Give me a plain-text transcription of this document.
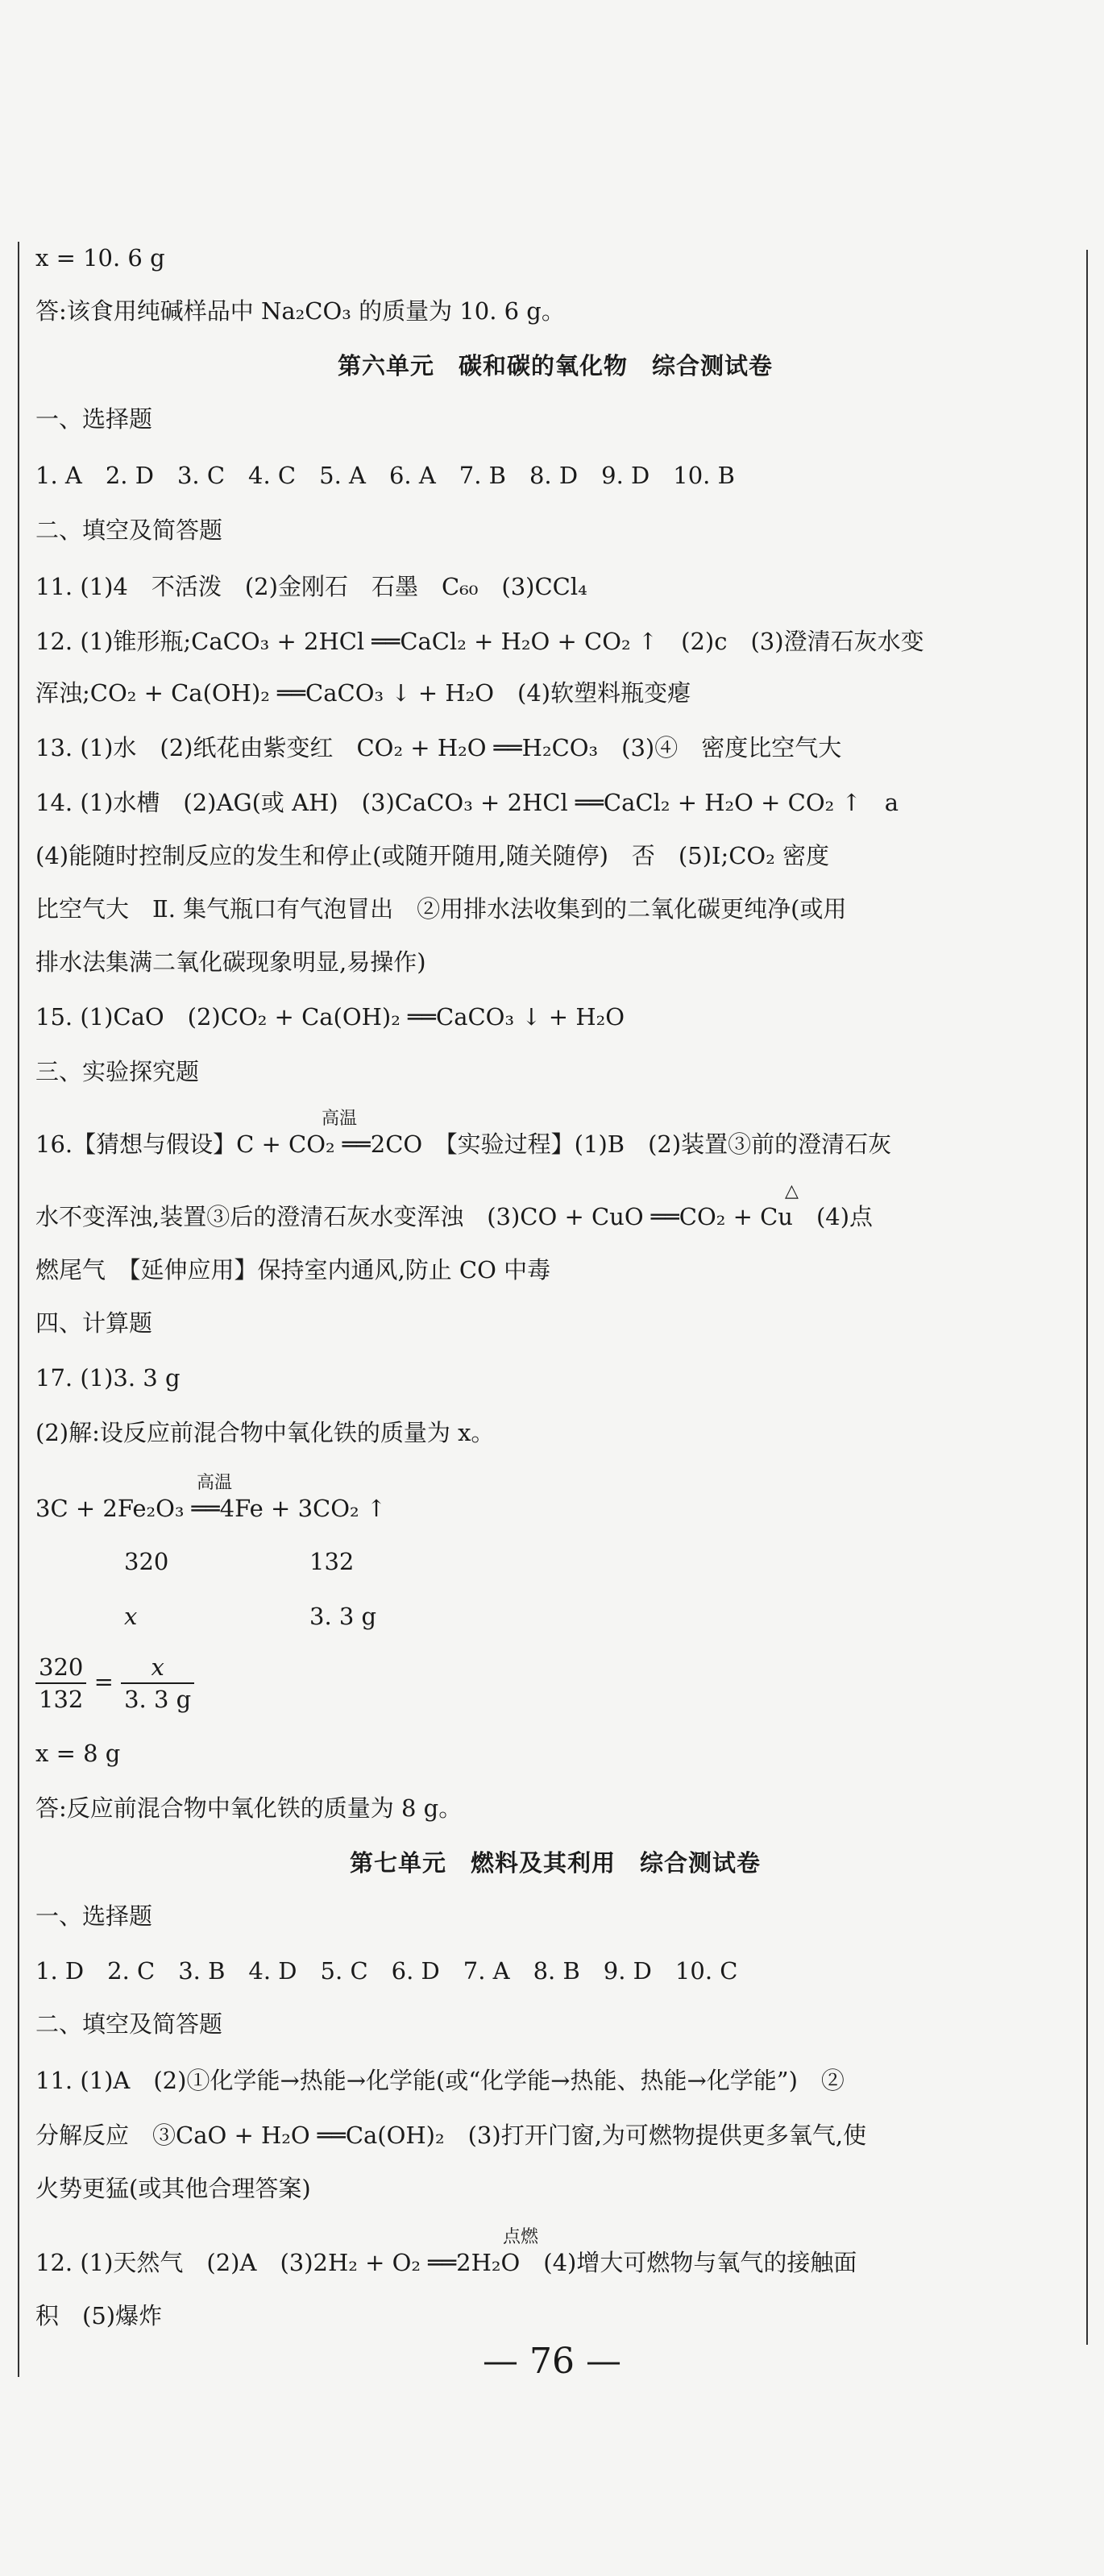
x = 10. 6 g
答:该食用纯碱样品中 Na₂CO₃ 的质量为 10. 6 g。
第六单元　碳和碳的氧化物　综合测试卷
一、选择题
1. A　2. D　3. C　4. C　5. A　6. A　7. B　8. D　9. D　10. B
二、填空及简答题
11. (1)4　不活泼　(2)金刚石　石墨　C₆₀　(3)CCl₄
12. (1)锥形瓶;CaCO₃ + 2HCl ══CaCl₂ + H₂O + CO₂ ↑　(2)c　(3)澄清石灰水变
浑浊;CO₂ + Ca(OH)₂ ══CaCO₃ ↓ + H₂O　(4)软塑料瓶变瘪
13. (1)水　(2)纸花由紫变红　CO₂ + H₂O ══H₂CO₃　(3)④　密度比空气大
14. (1)水槽　(2)AG(或 AH)　(3)CaCO₃ + 2HCl ══CaCl₂ + H₂O + CO₂ ↑　a
(4)能随时控制反应的发生和停止(或随开随用,随关随停)　否　(5)Ⅰ;CO₂ 密度
比空气大　Ⅱ. 集气瓶口有气泡冒出　②用排水法收集到的二氧化碳更纯净(或用
排水法集满二氧化碳现象明显,易操作)
15. (1)CaO　(2)CO₂ + Ca(OH)₂ ══CaCO₃ ↓ + H₂O
三、实验探究题
高温
16.【猜想与假设】C + CO₂ ══2CO　【实验过程】(1)B　(2)装置③前的澄清石灰
△
水不变浑浊,装置③后的澄清石灰水变浑浊　(3)CO + CuO ══CO₂ + Cu　(4)点
燃尾气　【延伸应用】保持室内通风,防止 CO 中毒
四、计算题
17. (1)3. 3 g
(2)解:设反应前混合物中氧化铁的质量为 x。
高温
3C + 2Fe₂O₃ ══4Fe + 3CO₂ ↑
320	132
x	3. 3 g
$\frac{320}{132} = \frac{x}{3. 3 g}$
x = 8 g
答:反应前混合物中氧化铁的质量为 8 g。
第七单元　燃料及其利用　综合测试卷
一、选择题
1. D　2. C　3. B　4. D　5. C　6. D　7. A　8. B　9. D　10. C
二、填空及简答题
11. (1)A　(2)①化学能→热能→化学能(或“化学能→热能、热能→化学能”)　②
分解反应　③CaO + H₂O ══Ca(OH)₂　(3)打开门窗,为可燃物提供更多氧气,使
火势更猛(或其他合理答案)
点燃
12. (1)天然气　(2)A　(3)2H₂ + O₂ ══2H₂O　(4)增大可燃物与氧气的接触面
积　(5)爆炸
— 76 —
